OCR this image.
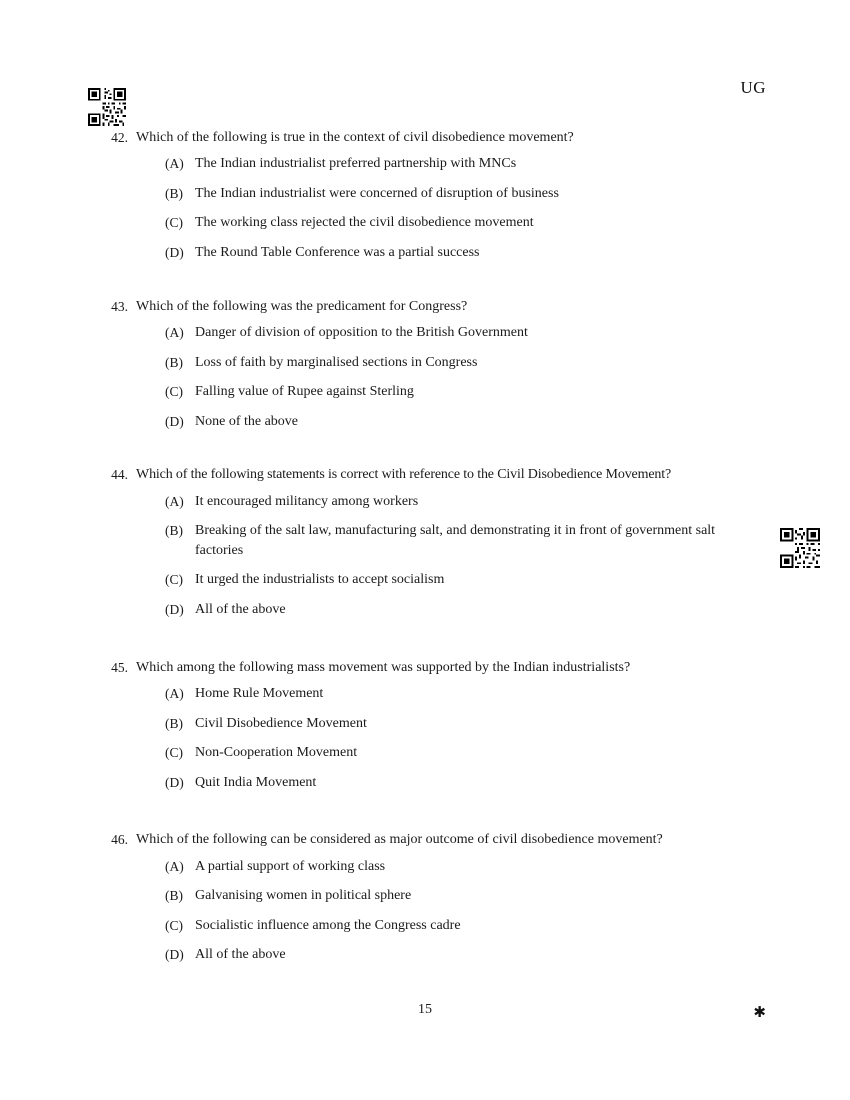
UG
42. Which of the following is true in the context of civil disobedience movement?
(A) The Indian industrialist preferred partnership with MNCs
(B) The Indian industrialist were concerned of disruption of business
(C) The working class rejected the civil disobedience movement
(D) The Round Table Conference was a partial success
43. Which of the following was the predicament for Congress?
(A) Danger of division of opposition to the British Government
(B) Loss of faith by marginalised sections in Congress
(C) Falling value of Rupee against Sterling
(D) None of the above
44. Which of the following statements is correct with reference to the Civil Disobedience Movement?
(A) It encouraged militancy among workers
(B) Breaking of the salt law, manufacturing salt, and demonstrating it in front of government salt factories
(C) It urged the industrialists to accept socialism
(D) All of the above
45. Which among the following mass movement was supported by the Indian industrialists?
(A) Home Rule Movement
(B) Civil Disobedience Movement
(C) Non-Cooperation Movement
(D) Quit India Movement
46. Which of the following can be considered as major outcome of civil disobedience movement?
(A) A partial support of working class
(B) Galvanising women in political sphere
(C) Socialistic influence among the Congress cadre
(D) All of the above
15	✱
